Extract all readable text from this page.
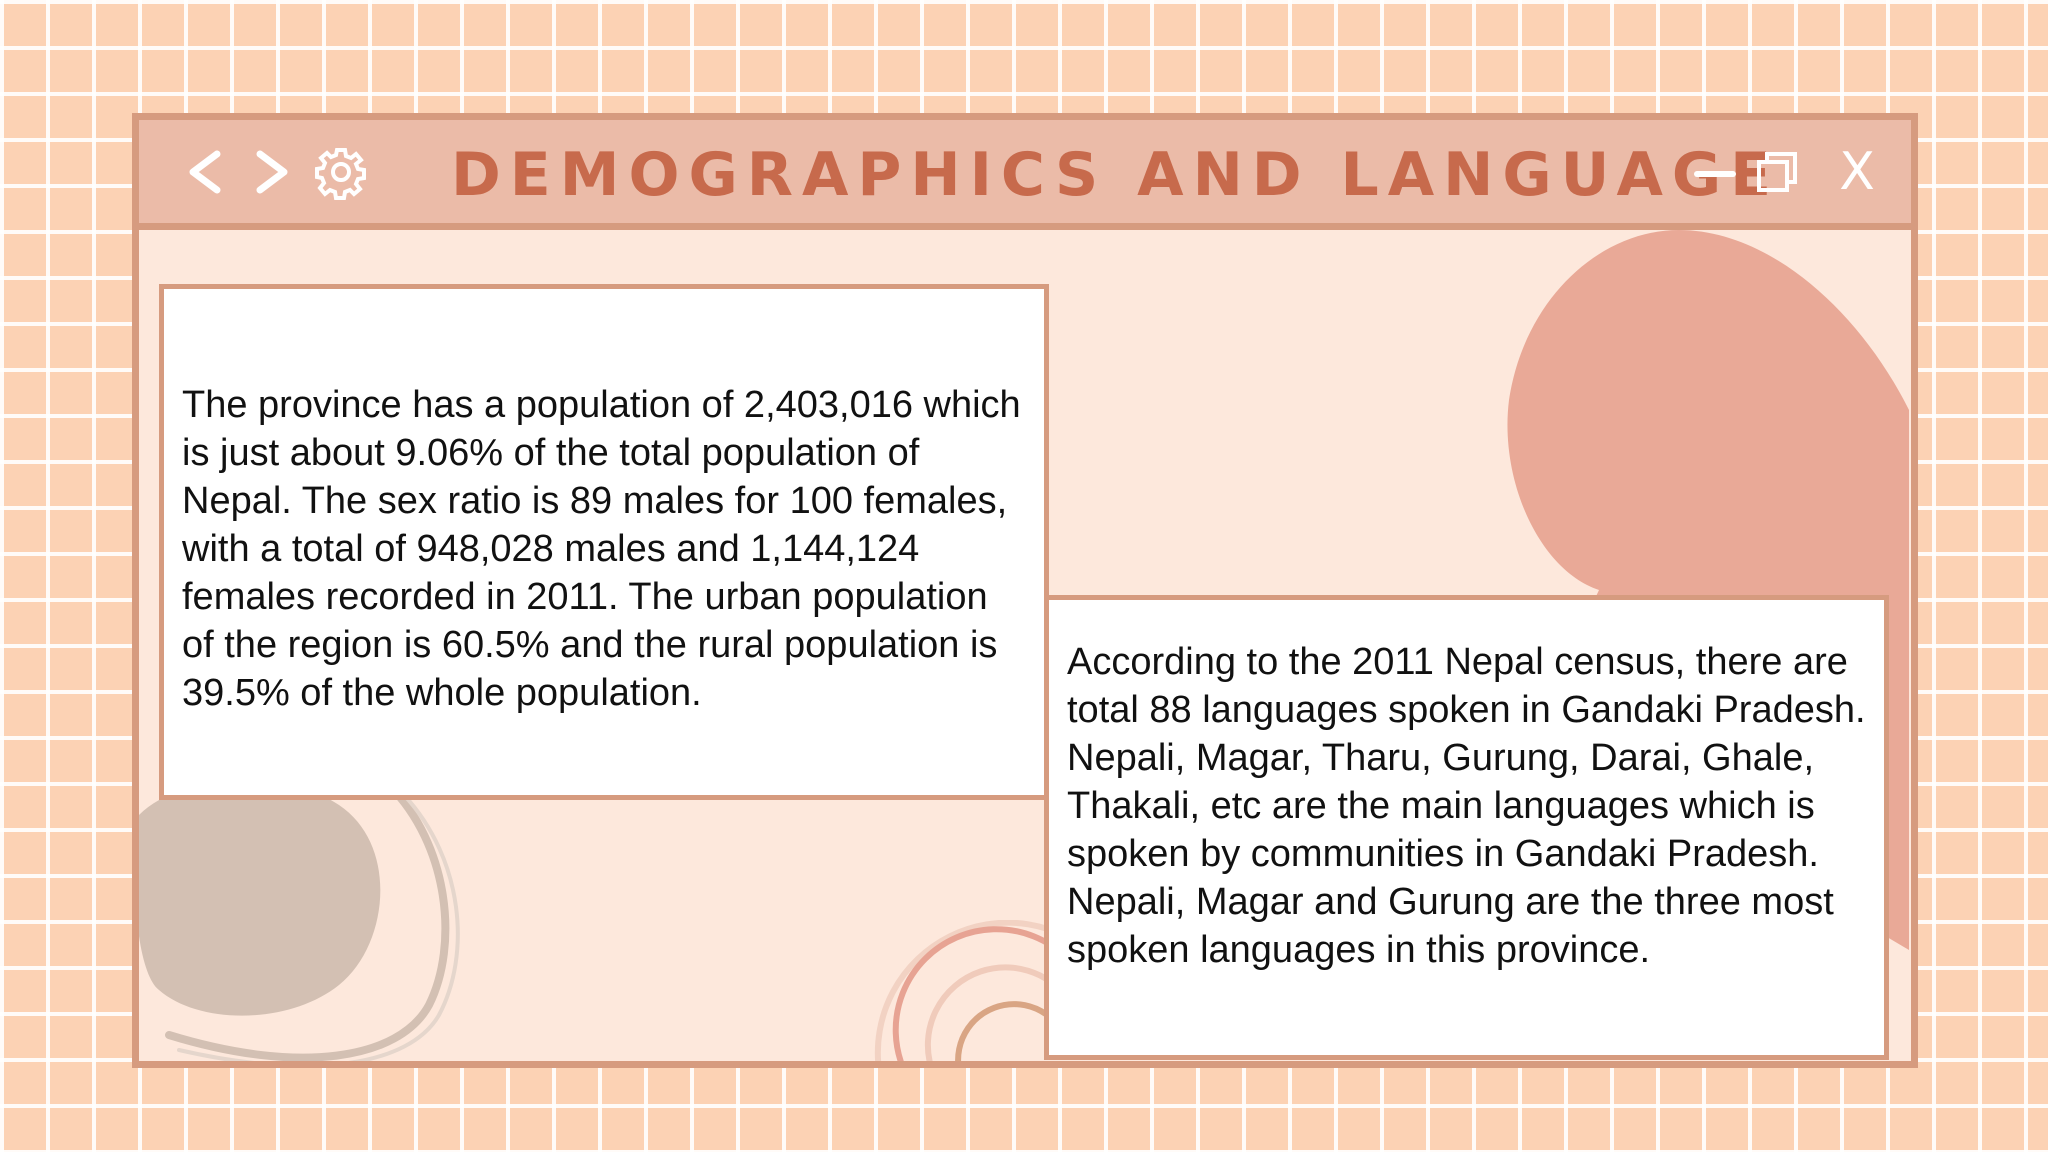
DEMOGRAPHICS AND LANGUAGE X
The province has a population of 2,403,016 which is just about 9.06% of the total population of Nepal. The sex ratio is 89 males for 100 females, with a total of 948,028 males and 1,144,124 females recorded in 2011. The urban population of the region is 60.5% and the rural population is 39.5% of the whole population.
According to the 2011 Nepal census, there are total 88 languages spoken in Gandaki Pradesh. Nepali, Magar, Tharu, Gurung, Darai, Ghale, Thakali, etc are the main languages which is spoken by communities in Gandaki Pradesh. Nepali, Magar and Gurung are the three most spoken languages in this province.
